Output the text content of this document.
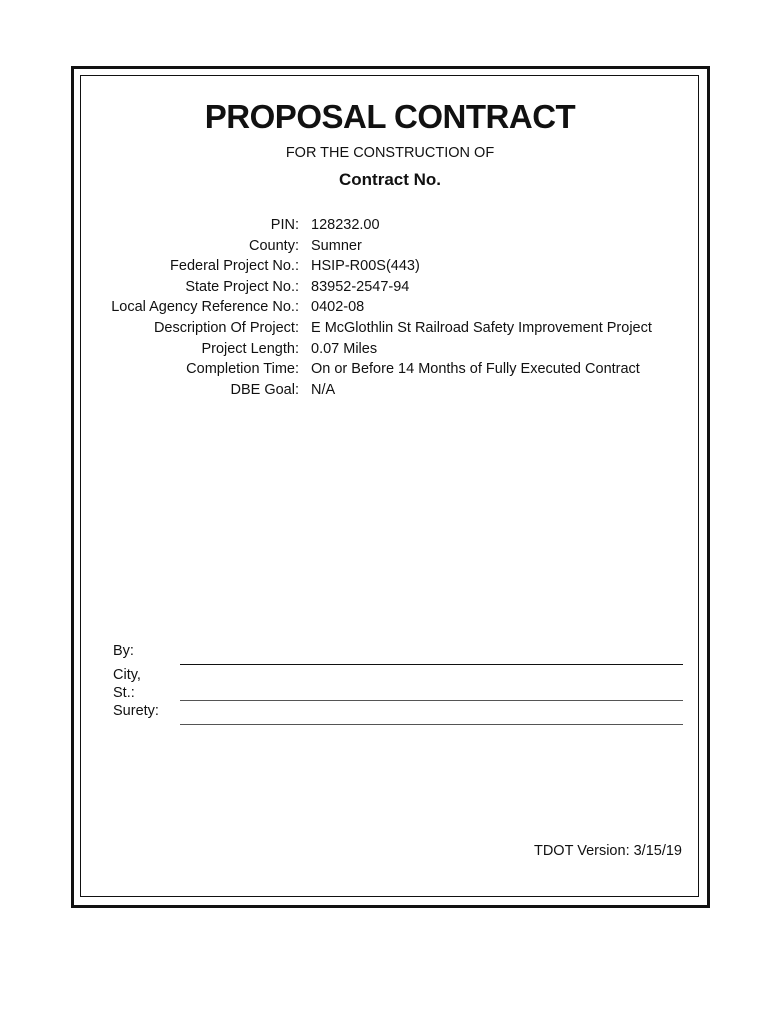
PROPOSAL CONTRACT
FOR THE CONSTRUCTION OF
Contract No.
PIN: 128232.00
County: Sumner
Federal Project No.: HSIP-R00S(443)
State Project No.: 83952-2547-94
Local Agency Reference No.: 0402-08
Description Of Project: E McGlothlin St Railroad Safety Improvement Project
Project Length: 0.07 Miles
Completion Time: On or Before 14 Months of Fully Executed Contract
DBE Goal: N/A
By:
City,
St.:
Surety:
TDOT Version: 3/15/19
